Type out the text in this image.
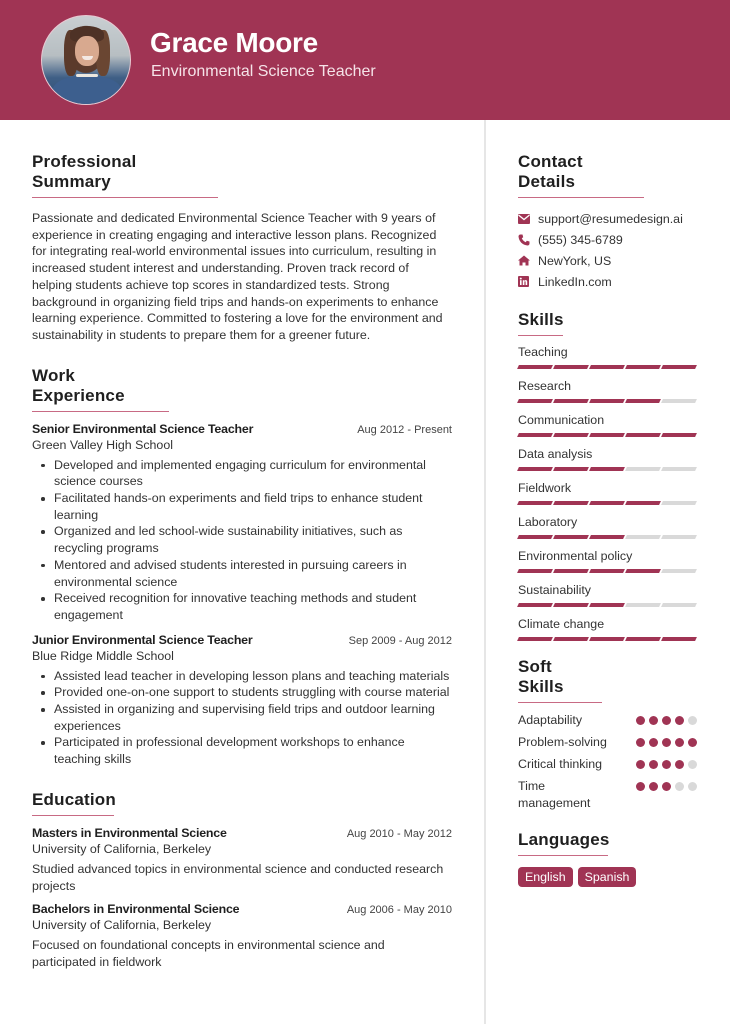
Grace Moore
Environmental Science Teacher
Professional Summary

Passionate and dedicated Environmental Science Teacher with 9 years of experience in creating engaging and interactive lesson plans. Recognized for integrating real-world environmental issues into curriculum, resulting in increased student interest and understanding. Proven track record of helping students achieve top scores in standardized tests. Strong background in organizing field trips and hands-on experiments to enhance learning experience. Committed to fostering a love for the environment and sustainability in students to prepare them for a greener future.

Work Experience
Senior Environmental Science Teacher	Aug 2012 - Present
Green Valley High School
Developed and implemented engaging curriculum for environmental science courses
Facilitated hands-on experiments and field trips to enhance student learning
Organized and led school-wide sustainability initiatives, such as recycling programs
Mentored and advised students interested in pursuing careers in environmental science
Received recognition for innovative teaching methods and student engagement
Junior Environmental Science Teacher	Sep 2009 - Aug 2012
Blue Ridge Middle School
Assisted lead teacher in developing lesson plans and teaching materials
Provided one-on-one support to students struggling with course material
Assisted in organizing and supervising field trips and outdoor learning experiences
Participated in professional development workshops to enhance teaching skills
Education
Masters in Environmental Science	Aug 2010 - May 2012
University of California, Berkeley
Studied advanced topics in environmental science and conducted research projects
Bachelors in Environmental Science	Aug 2006 - May 2010
University of California, Berkeley
Focused on foundational concepts in environmental science and participated in fieldwork
Contact Details
support@resumedesign.ai
(555) 345-6789
NewYork, US
LinkedIn.com
Skills
Teaching
Research
Communication
Data analysis
Fieldwork
Laboratory
Environmental policy
Sustainability
Climate change
Soft Skills
Adaptability
Problem-solving
Critical thinking
Time management
Languages
English	Spanish
